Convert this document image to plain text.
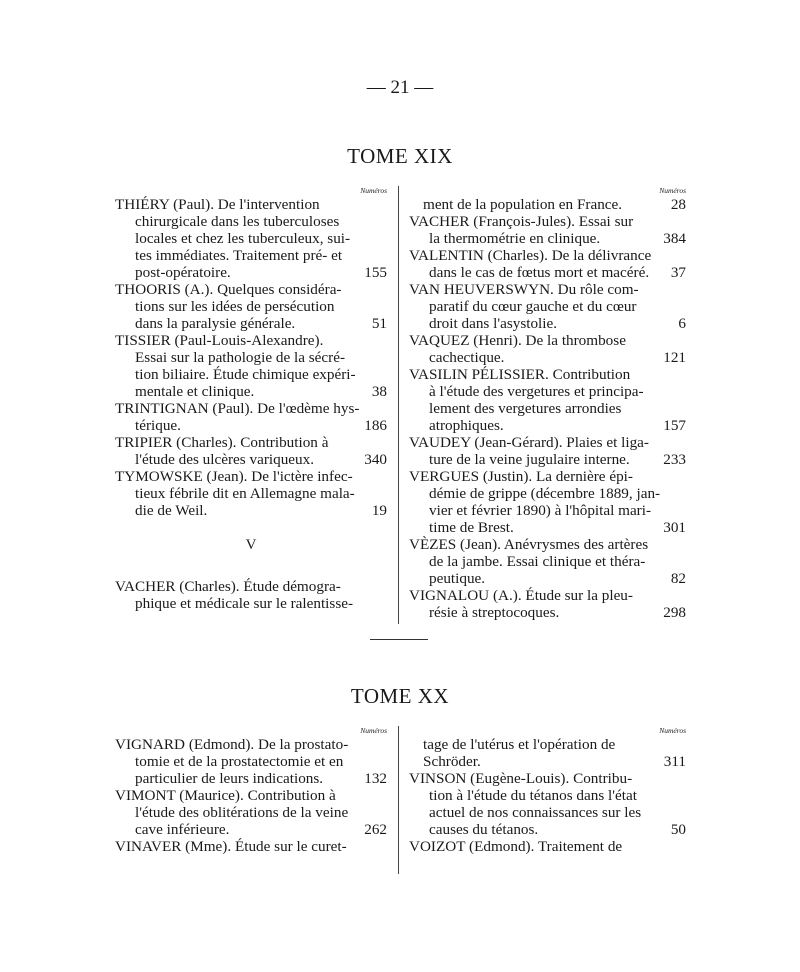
— 21 —
TOME XIX
Numéros
THIÉRY (Paul). De l'intervention
chirurgicale dans les tuberculoses
locales et chez les tuberculeux, sui-
tes immédiates. Traitement pré- et
post-opératoire.	155
THOORIS (A.). Quelques considéra-
tions sur les idées de persécution
dans la paralysie générale.	51
TISSIER (Paul-Louis-Alexandre).
Essai sur la pathologie de la sécré-
tion biliaire. Étude chimique expéri-
mentale et clinique.	38
TRINTIGNAN (Paul). De l'œdème hys-
térique.	186
TRIPIER (Charles). Contribution à
l'étude des ulcères variqueux.	340
TYMOWSKE (Jean). De l'ictère infec-
tieux fébrile dit en Allemagne mala-
die de Weil.	19
V
VACHER (Charles). Étude démogra-
phique et médicale sur le ralentisse-
Numéros
ment de la population en France.	28
VACHER (François-Jules). Essai sur
la thermométrie en clinique.	384
VALENTIN (Charles). De la délivrance
dans le cas de fœtus mort et macéré.	37
VAN HEUVERSWYN. Du rôle com-
paratif du cœur gauche et du cœur
droit dans l'asystolie.	6
VAQUEZ (Henri). De la thrombose
cachectique.	121
VASILIN PÉLISSIER. Contribution
à l'étude des vergetures et principa-
lement des vergetures arrondies
atrophiques.	157
VAUDEY (Jean-Gérard). Plaies et liga-
ture de la veine jugulaire interne.	233
VERGUES (Justin). La dernière épi-
démie de grippe (décembre 1889, jan-
vier et février 1890) à l'hôpital mari-
time de Brest.	301
VÈZES (Jean). Anévrysmes des artères
de la jambe. Essai clinique et théra-
peutique.	82
VIGNALOU (A.). Étude sur la pleu-
résie à streptocoques.	298
TOME XX
Numéros
VIGNARD (Edmond). De la prostato-
tomie et de la prostatectomie et en
particulier de leurs indications.	132
VIMONT (Maurice). Contribution à
l'étude des oblitérations de la veine
cave inférieure.	262
VINAVER (Mme). Étude sur le curet-
Numéros
tage de l'utérus et l'opération de
Schröder.	311
VINSON (Eugène-Louis). Contribu-
tion à l'étude du tétanos dans l'état
actuel de nos connaissances sur les
causes du tétanos.	50
VOIZOT (Edmond). Traitement de
